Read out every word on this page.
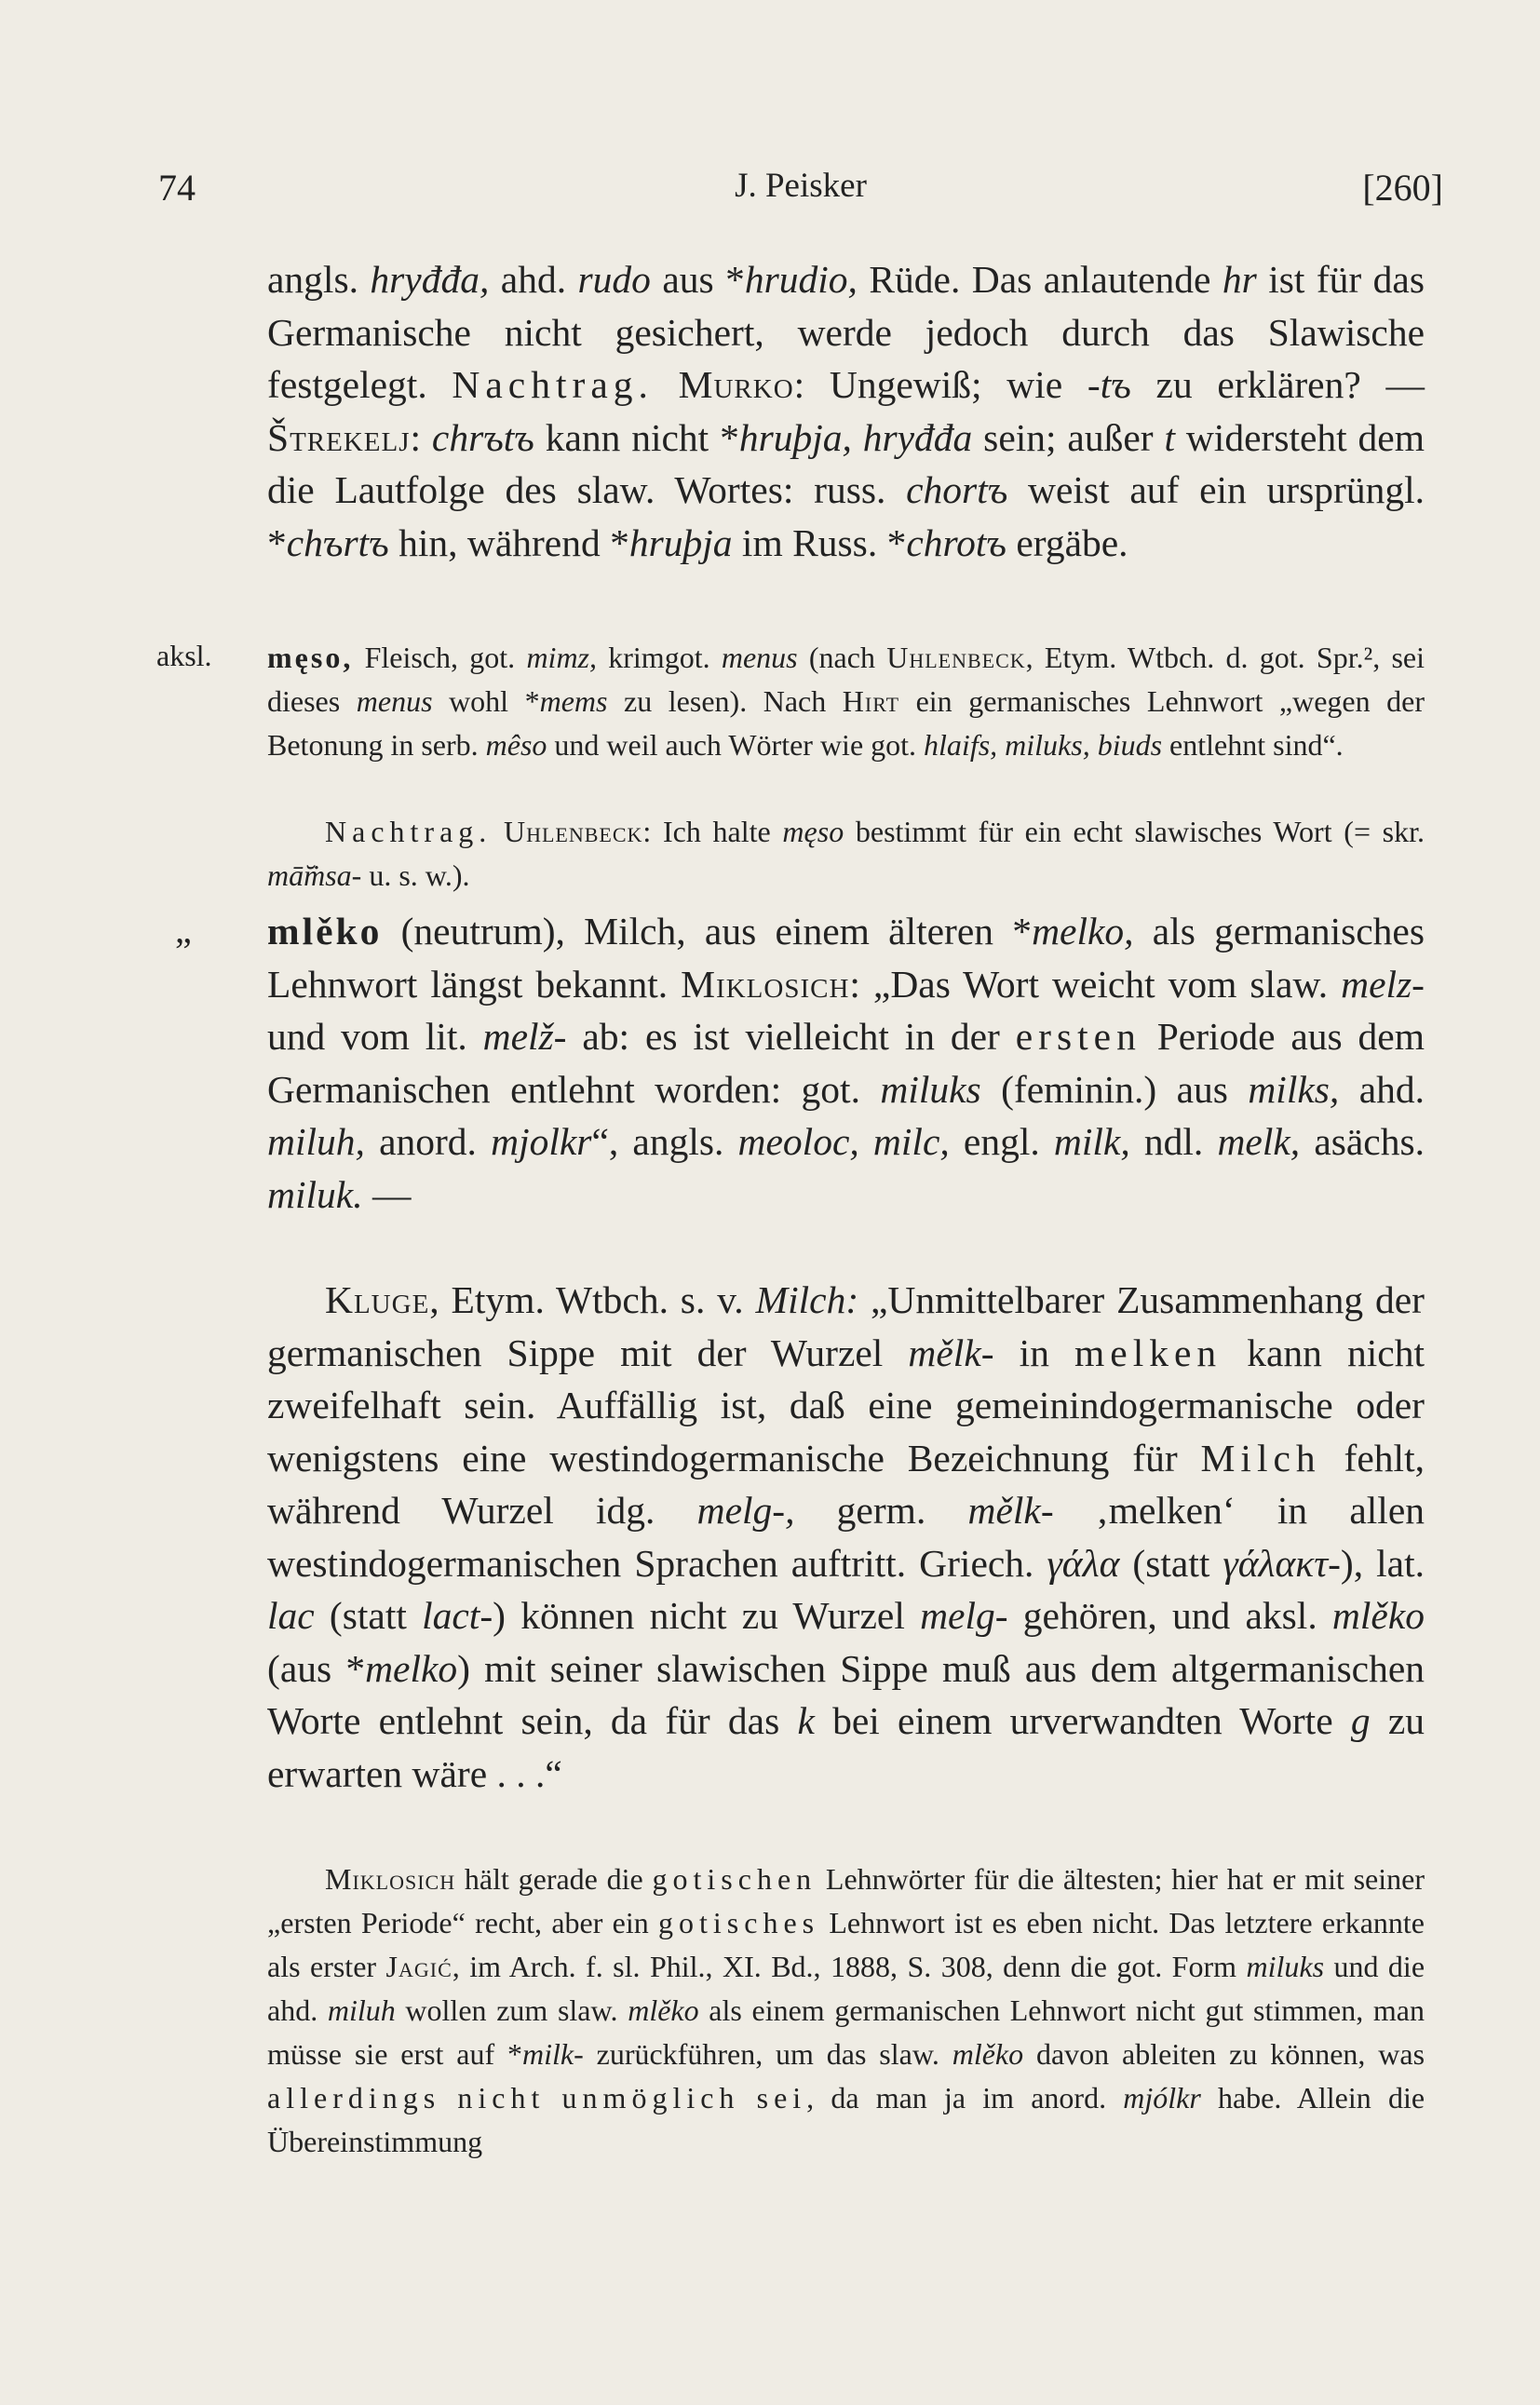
74	J. Peisker	[260]

angls. hryđđa, ahd. rudo aus *hrudio, Rüde. Das anlautende hr ist für das Germanische nicht gesichert, werde jedoch durch das Slawische festgelegt. Nachtrag. Murko: Ungewiß; wie -tъ zu erklären? — Štrekelj: chrъtъ kann nicht *hruþja, hryđđa sein; außer t widersteht dem die Lautfolge des slaw. Wortes: russ. chortъ weist auf ein ursprüngl. *chъrtъ hin, während *hruþja im Russ. *chrotъ ergäbe.

aksl. męso, Fleisch, got. mimz, krimgot. menus (nach Uhlenbeck, Etym. Wtbch. d. got. Spr.², sei dieses menus wohl *mems zu lesen). Nach Hirt ein germanisches Lehnwort „wegen der Betonung in serb. mêso und weil auch Wörter wie got. hlaifs, miluks, biuds entlehnt sind“.

Nachtrag. Uhlenbeck: Ich halte męso bestimmt für ein echt slawisches Wort (= skr. mā̆ṁsa- u. s. w.).

„ mlěko (neutrum), Milch, aus einem älteren *melko, als germanisches Lehnwort längst bekannt. Miklosich: „Das Wort weicht vom slaw. melz- und vom lit. melž- ab: es ist vielleicht in der ersten Periode aus dem Germanischen entlehnt worden: got. miluks (feminin.) aus milks, ahd. miluh, anord. mjolkr“, angls. meoloc, milc, engl. milk, ndl. melk, asächs. miluk. —

Kluge, Etym. Wtbch. s. v. Milch: „Unmittelbarer Zusammenhang der germanischen Sippe mit der Wurzel mělk- in melken kann nicht zweifelhaft sein. Auffällig ist, daß eine gemeinindogermanische oder wenigstens eine westindogermanische Bezeichnung für Milch fehlt, während Wurzel idg. melg-, germ. mělk- ‚melken‘ in allen westindogermanischen Sprachen auftritt. Griech. γάλα (statt γάλακτ-), lat. lac (statt lact-) können nicht zu Wurzel melg- gehören, und aksl. mlěko (aus *melko) mit seiner slawischen Sippe muß aus dem altgermanischen Worte entlehnt sein, da für das k bei einem urverwandten Worte g zu erwarten wäre . . .“

Miklosich hält gerade die gotischen Lehnwörter für die ältesten; hier hat er mit seiner „ersten Periode“ recht, aber ein gotisches Lehnwort ist es eben nicht. Das letztere erkannte als erster Jagić, im Arch. f. sl. Phil., XI. Bd., 1888, S. 308, denn die got. Form miluks und die ahd. miluh wollen zum slaw. mlěko als einem germanischen Lehnwort nicht gut stimmen, man müsse sie erst auf *milk- zurückführen, um das slaw. mlěko davon ableiten zu können, was allerdings nicht unmöglich sei, da man ja im anord. mjólkr habe. Allein die Übereinstimmung
